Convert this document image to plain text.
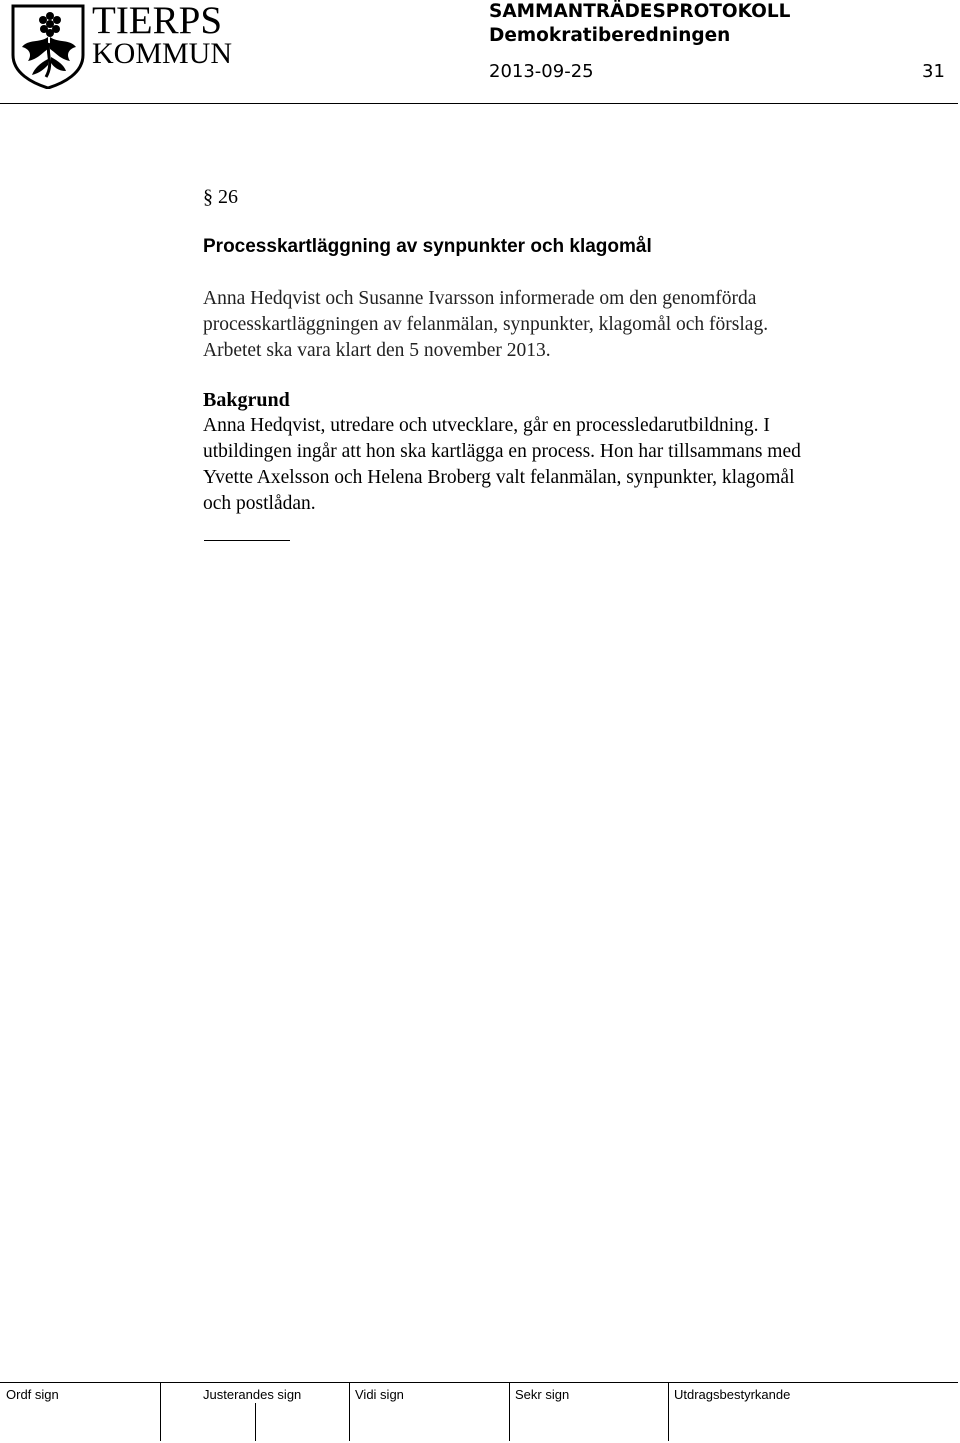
TIERPS
KOMMUN
SAMMANTRÄDESPROTOKOLL
Demokratiberedningen
2013-09-25	31
§ 26
Processkartläggning av synpunkter och klagomål
Anna Hedqvist och Susanne Ivarsson informerade om den genomförda
processkartläggningen av felanmälan, synpunkter, klagomål och förslag.
Arbetet ska vara klart den 5 november 2013.
Bakgrund
Anna Hedqvist, utredare och utvecklare, går en processledarutbildning. I
utbildingen ingår att hon ska kartlägga en process. Hon har tillsammans med
Yvette Axelsson och Helena Broberg valt felanmälan, synpunkter, klagomål
och postlådan.
Ordf sign	Justerandes sign	Vidi sign	Sekr sign	Utdragsbestyrkande
